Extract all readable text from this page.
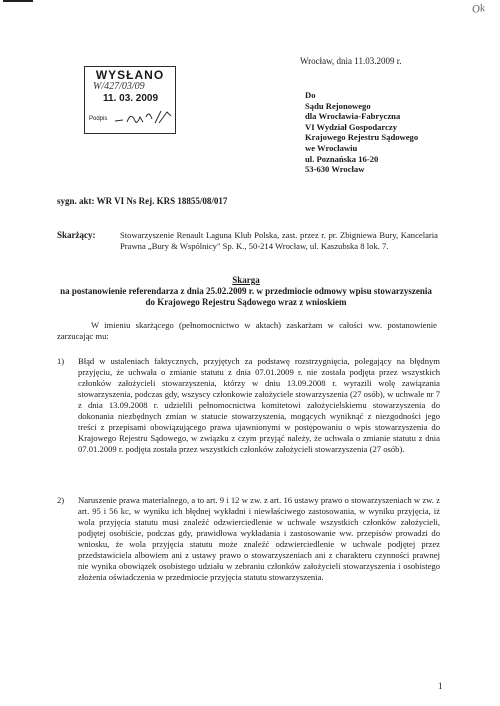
Ok
Wrocław, dnia 11.03.2009 r.
WYSŁANO
W/427/03/09
11. 03. 2009
Podpis
Do
Sądu Rejonowego
dla Wrocławia-Fabryczna
VI Wydział Gospodarczy
Krajowego Rejestru Sądowego
we Wrocławiu
ul. Poznańska 16-20
53-630 Wrocław
sygn. akt: WR VI Ns Rej. KRS 18855/08/017
Skarżący:	Stowarzyszenie Renault Laguna Klub Polska, zast. przez r. pr. Zbigniewa Bury, Kancelaria Prawna „Bury & Wspólnicy" Sp. K., 50-214 Wrocław, ul. Kaszubska 8 lok. 7.
Skarga
na postanowienie referendarza z dnia 25.02.2009 r. w przedmiocie odmowy wpisu stowarzyszenia do Krajowego Rejestru Sądowego wraz z wnioskiem
W imieniu skarżącego (pełnomocnictwo w aktach) zaskarżam w całości ww. postanowienie zarzucając mu:
1) Błąd w ustaleniach faktycznych, przyjętych za podstawę rozstrzygnięcia, polegający na błędnym przyjęciu, że uchwała o zmianie statutu z dnia 07.01.2009 r. nie została podjęta przez wszystkich członków założycieli stowarzyszenia, którzy w dniu 13.09.2008 r. wyrazili wolę zawiązania stowarzyszenia, podczas gdy, wszyscy członkowie założyciele stowarzyszenia (27 osób), w uchwale nr 7 z dnia 13.09.2008 r. udzielili pełnomocnictwa komitetowi założycielskiemu stowarzyszenia do dokonania niezbędnych zmian w statucie stowarzyszenia, mogących wyniknąć z niezgodności jego treści z przepisami obowiązującego prawa ujawnionymi w postępowaniu o wpis stowarzyszenia do Krajowego Rejestru Sądowego, w związku z czym przyjąć należy, że uchwała o zmianie statutu z dnia 07.01.2009 r. podjęta została przez wszystkich członków założycieli stowarzyszenia (27 osób).
2) Naruszenie prawa materialnego, a to art. 9 i 12 w zw. z art. 16 ustawy prawo o stowarzyszeniach w zw. z art. 95 i 56 kc, w wyniku ich błędnej wykładni i niewłaściwego zastosowania, w wyniku przyjęcia, iż wola przyjęcia statutu musi znaleźć odzwierciedlenie w uchwale wszystkich członków założycieli, podjętej osobiście, podczas gdy, prawidłowa wykładania i zastosowanie ww. przepisów prowadzi do wniosku, że wola przyjęcia statutu może znaleźć odzwierciedlenie w uchwale podjętej przez przedstawiciela albowiem ani z ustawy prawo o stowarzyszeniach ani z charakteru czynności prawnej nie wynika obowiązek osobistego udziału w zebraniu członków założycieli stowarzyszenia i osobistego złożenia oświadczenia w przedmiocie przyjęcia statutu stowarzyszenia.
1
